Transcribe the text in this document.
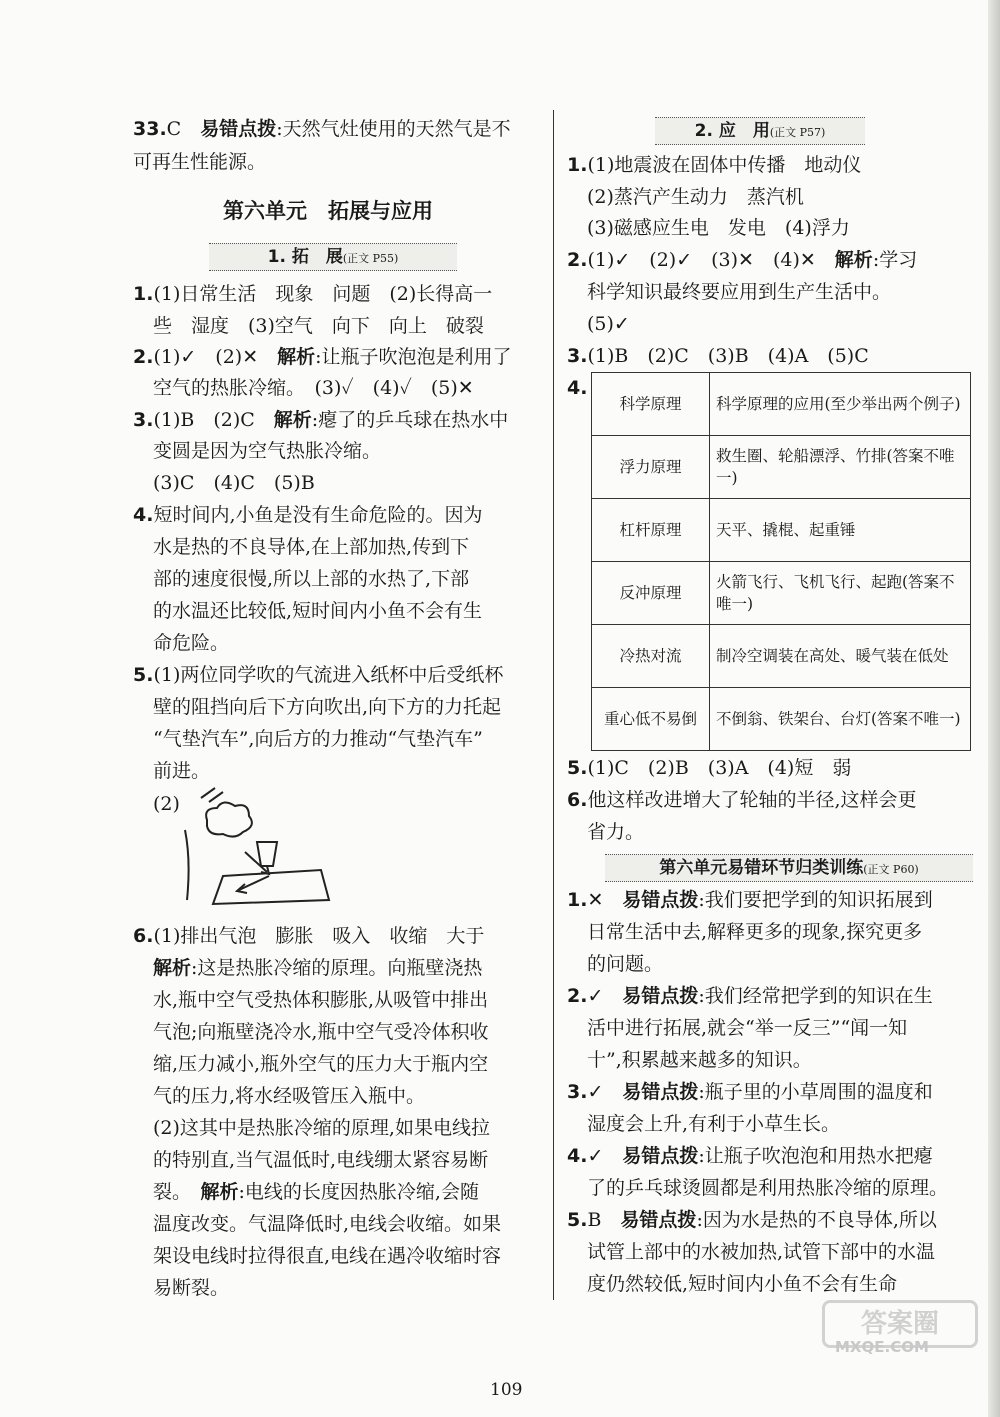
33.C　易错点拨:天然气灶使用的天然气是不
可再生性能源。
第六单元　拓展与应用
1. 拓　展(正文 P55)
1.(1)日常生活　现象　问题　(2)长得高一
些　湿度　(3)空气　向下　向上　破裂
2.(1)✓　(2)✕　解析:让瓶子吹泡泡是利用了
空气的热胀冷缩。　(3)✓　(4)✓　(5)✕
3.(1)B　(2)C　解析:瘪了的乒乓球在热水中
变圆是因为空气热胀冷缩。
(3)C　(4)C　(5)B
4.短时间内,小鱼是没有生命危险的。因为
水是热的不良导体,在上部加热,传到下
部的速度很慢,所以上部的水热了,下部
的水温还比较低,短时间内小鱼不会有生
命危险。
5.(1)两位同学吹的气流进入纸杯中后受纸杯
壁的阻挡向后下方向吹出,向下方的力托起
“气垫汽车”,向后方的力推动“气垫汽车”
前进。
(2)
6.(1)排出气泡　膨胀　吸入　收缩　大于
解析:这是热胀冷缩的原理。向瓶壁浇热
水,瓶中空气受热体积膨胀,从吸管中排出
气泡;向瓶壁浇冷水,瓶中空气受冷体积收
缩,压力减小,瓶外空气的压力大于瓶内空
气的压力,将水经吸管压入瓶中。
(2)这其中是热胀冷缩的原理,如果电线拉
的特别直,当气温低时,电线绷太紧容易断
裂。　解析:电线的长度因热胀冷缩,会随
温度改变。气温降低时,电线会收缩。如果
架设电线时拉得很直,电线在遇冷收缩时容
易断裂。
2. 应　用(正文 P57)
1.(1)地震波在固体中传播　地动仪
(2)蒸汽产生动力　蒸汽机
(3)磁感应生电　发电　(4)浮力
2.(1)✓　(2)✓　(3)✕　(4)✕　解析:学习
科学知识最终要应用到生产生活中。
(5)✓
3.(1)B　(2)C　(3)B　(4)A　(5)C
4.
科学原理	科学原理的应用(至少举出两个例子)
浮力原理	救生圈、轮船漂浮、竹排(答案不唯一)
杠杆原理	天平、撬棍、起重锤
反冲原理	火箭飞行、飞机飞行、起跑(答案不唯一)
冷热对流	制冷空调装在高处、暖气装在低处
重心低不易倒	不倒翁、铁架台、台灯(答案不唯一)
5.(1)C　(2)B　(3)A　(4)短　弱
6.他这样改进增大了轮轴的半径,这样会更
省力。
第六单元易错环节归类训练(正文 P60)
1.✕　易错点拨:我们要把学到的知识拓展到
日常生活中去,解释更多的现象,探究更多
的问题。
2.✓　易错点拨:我们经常把学到的知识在生
活中进行拓展,就会“举一反三”“闻一知
十”,积累越来越多的知识。
3.✓　易错点拨:瓶子里的小草周围的温度和
湿度会上升,有利于小草生长。
4.✓　易错点拨:让瓶子吹泡泡和用热水把瘪
了的乒乓球烫圆都是利用热胀冷缩的原理。
5.B　易错点拨:因为水是热的不良导体,所以
试管上部中的水被加热,试管下部中的水温
度仍然较低,短时间内小鱼不会有生命
109
答案圈
MXQE.COM
